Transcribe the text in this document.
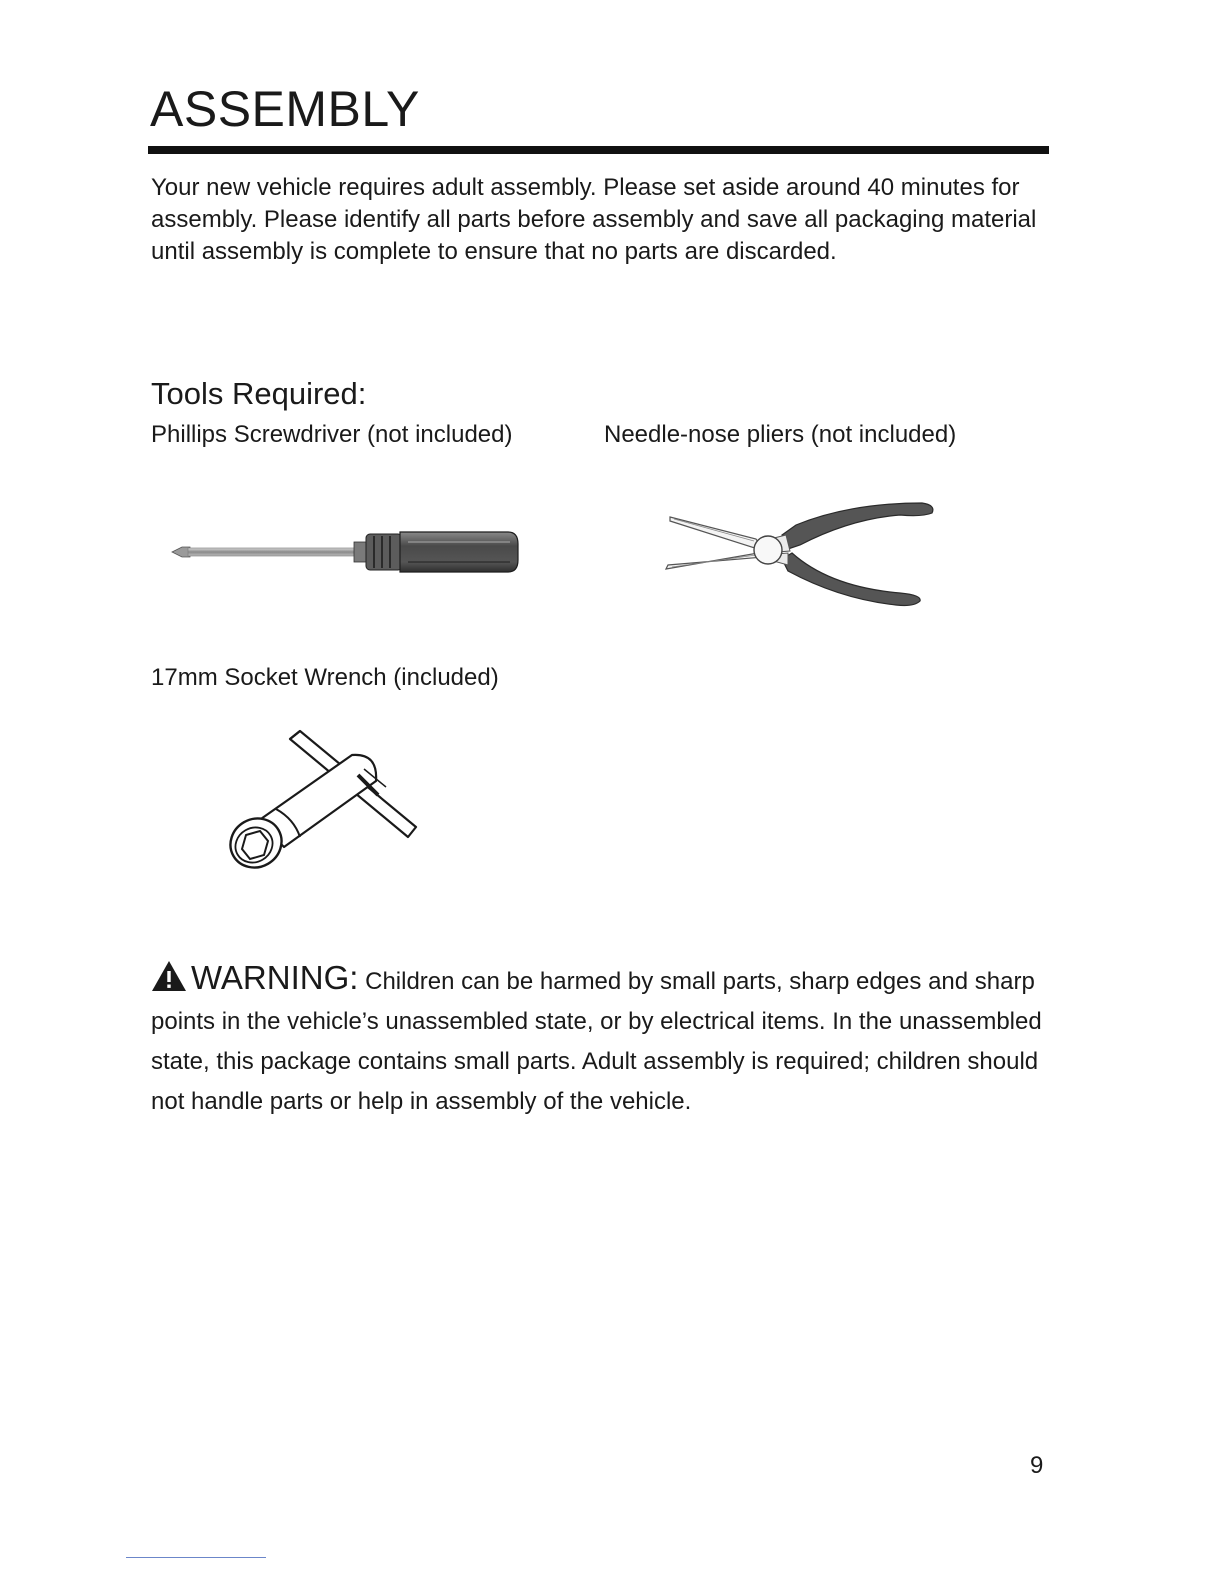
ASSEMBLY

Your new vehicle requires adult assembly. Please set aside around 40 minutes for assembly. Please identify all parts before assembly and save all packaging material until assembly is complete to ensure that no parts are discarded.

Tools Required:

Phillips Screwdriver (not included)	Needle-nose pliers (not included)

17mm Socket Wrench (included)

WARNING: Children can be harmed by small parts, sharp edges and sharp points in the vehicle’s unassembled state, or by electrical items. In the unassembled state, this package contains small parts. Adult assembly is required; children should not handle parts or help in assembly of the vehicle.

9
